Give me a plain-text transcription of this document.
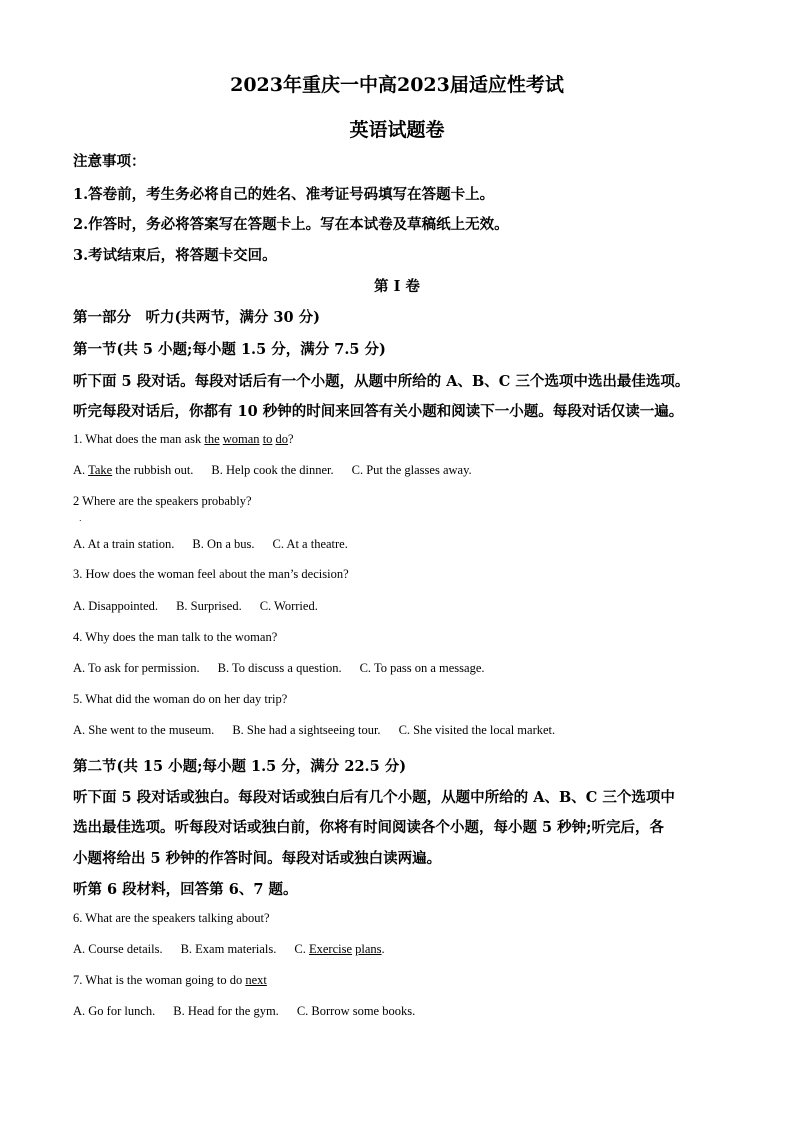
2023年重庆一中高2023届适应性考试
英语试题卷
注意事项：
1.答卷前，考生务必将自己的姓名、准考证号码填写在答题卡上。
2.作答时，务必将答案写在答题卡上。写在本试卷及草稿纸上无效。
3.考试结束后，将答题卡交回。
第 I 卷
第一部分　听力(共两节，满分 30 分)
第一节(共 5 小题;每小题 1.5 分，满分 7.5 分)
听下面 5 段对话。每段对话后有一个小题，从题中所给的 A、B、C 三个选项中选出最佳选项。
听完每段对话后，你都有 10 秒钟的时间来回答有关小题和阅读下一小题。每段对话仅读一遍。
1. What does the man ask the woman to do?
A. Take the rubbish out. B. Help cook the dinner. C. Put the glasses away.
2 Where are the speakers probably?
.
A. At a train station. B. On a bus. C. At a theatre.
3. How does the woman feel about the man’s decision?
A. Disappointed. B. Surprised. C. Worried.
4. Why does the man talk to the woman?
A. To ask for permission. B. To discuss a question. C. To pass on a message.
5. What did the woman do on her day trip?
A. She went to the museum. B. She had a sightseeing tour. C. She visited the local market.
第二节(共 15 小题;每小题 1.5 分，满分 22.5 分)
听下面 5 段对话或独白。每段对话或独白后有几个小题，从题中所给的 A、B、C 三个选项中
选出最佳选项。听每段对话或独白前，你将有时间阅读各个小题，每小题 5 秒钟;听完后，各
小题将给出 5 秒钟的作答时间。每段对话或独白读两遍。
听第 6 段材料，回答第 6、7 题。
6. What are the speakers talking about?
A. Course details. B. Exam materials. C. Exercise plans.
7. What is the woman going to do next
A. Go for lunch. B. Head for the gym. C. Borrow some books.
